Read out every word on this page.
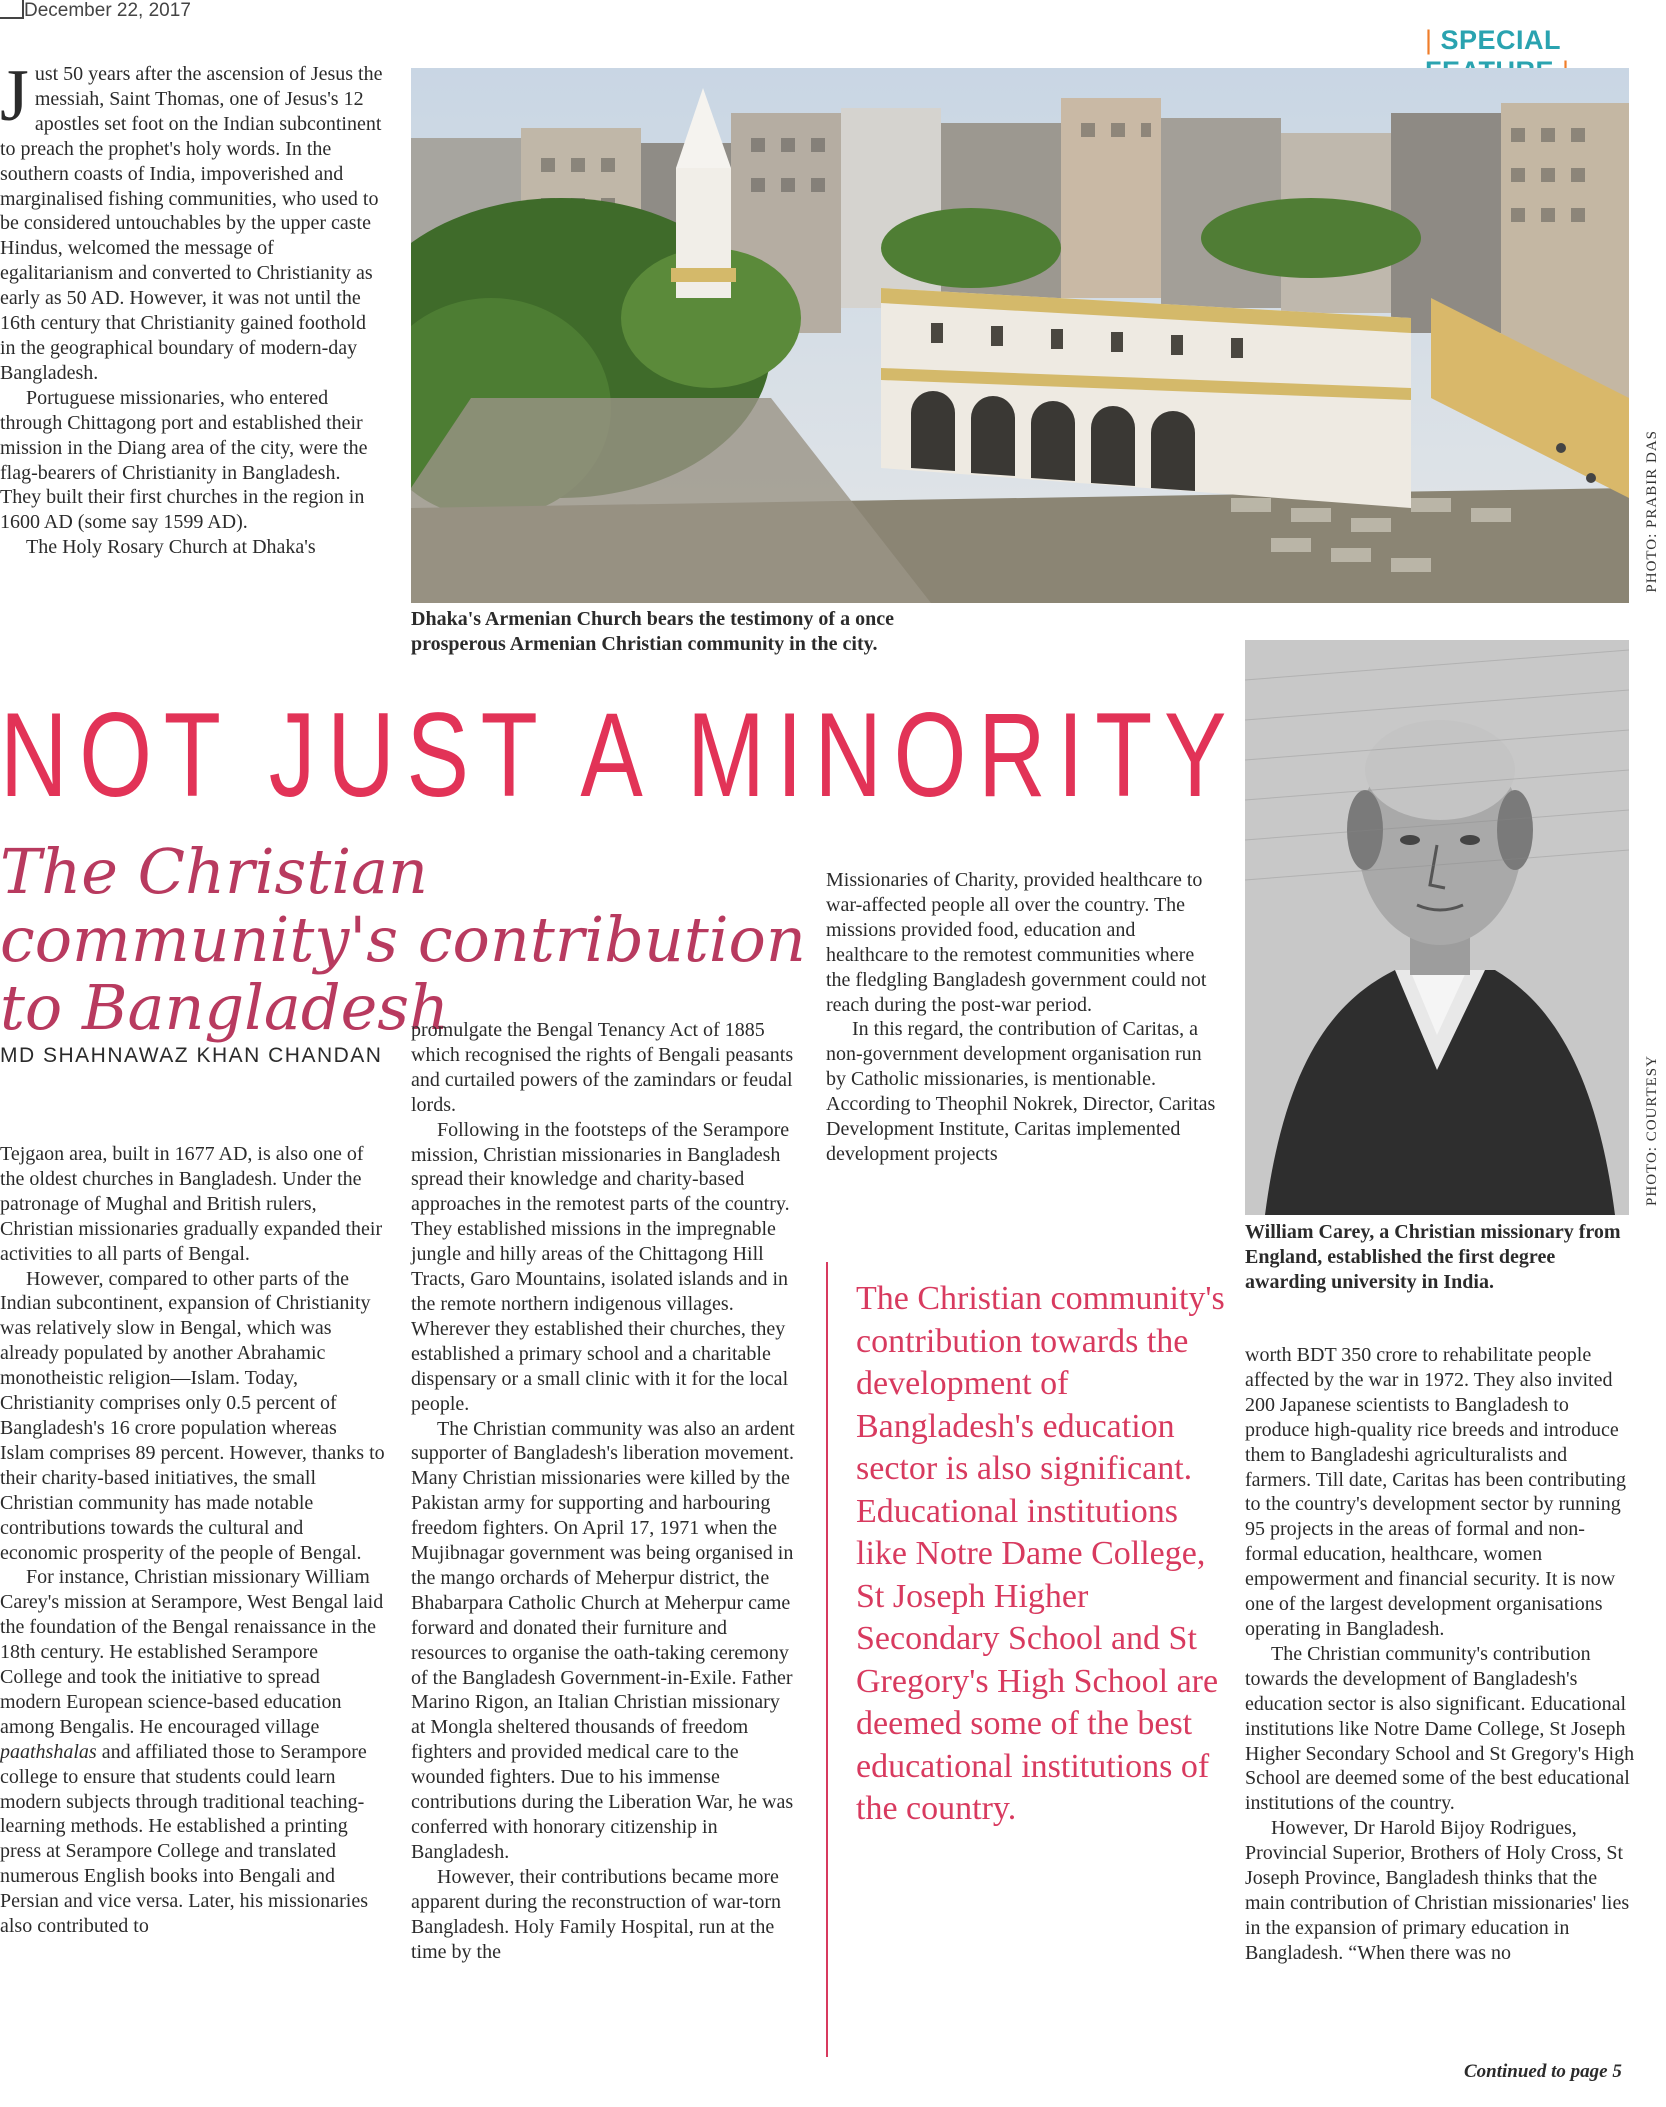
December 22, 2017
| SPECIAL

Just 50 years after the ascension of Jesus the messiah, Saint Thomas, one of Jesus's 12 apostles set foot on the Indian subcontinent to preach the prophet's holy words. In the southern coasts of India, impoverished and marginalised fishing communities, who used to be considered untouchables by the upper caste Hindus, welcomed the message of egalitarianism and converted to Christianity as early as 50 AD. However, it was not until the 16th century that Christianity gained foothold in the geographical boundary of modern-day Bangladesh.

Portuguese missionaries, who entered through Chittagong port and established their mission in the Diang area of the city, were the flag-bearers of Christianity in Bangladesh. They built their first churches in the region in 1600 AD (some say 1599 AD).

The Holy Rosary Church at Dhaka's	PHOTO: PRABIR DAS
Dhaka's Armenian Church bears the testimony of a once prosperous Armenian Christian community in the city.
PHOTO: COURTESY
William Carey, a Christian missionary from England, established the first degree awarding university in India.
NOT JUST A MINORITY
The Christian community's contribution to Bangladesh
MD SHAHNAWAZ KHAN CHANDAN

Tejgaon area, built in 1677 AD, is also one of the oldest churches in Bangladesh. Under the patronage of Mughal and British rulers, Christian missionaries gradually expanded their activities to all parts of Bengal.

However, compared to other parts of the Indian subcontinent, expansion of Christianity was relatively slow in Bengal, which was already populated by another Abrahamic monotheistic religion—Islam. Today, Christianity comprises only 0.5 percent of Bangladesh's 16 crore population whereas Islam comprises 89 percent. However, thanks to their charity-based initiatives, the small Christian community has made notable contributions towards the cultural and economic prosperity of the people of Bengal.

For instance, Christian missionary William Carey's mission at Serampore, West Bengal laid the foundation of the Bengal renaissance in the 18th century. He established Serampore College and took the initiative to spread modern European science-based education among Bengalis. He encouraged village paathshalas and affiliated those to Serampore college to ensure that students could learn modern subjects through traditional teaching-learning methods. He established a printing press at Serampore College and translated numerous English books into Bengali and Persian and vice versa. Later, his missionaries also contributed to

promulgate the Bengal Tenancy Act of 1885 which recognised the rights of Bengali peasants and curtailed powers of the zamindars or feudal lords.

Following in the footsteps of the Serampore mission, Christian missionaries in Bangladesh spread their knowledge and charity-based approaches in the remotest parts of the country. They established missions in the impregnable jungle and hilly areas of the Chittagong Hill Tracts, Garo Mountains, isolated islands and in the remote northern indigenous villages. Wherever they established their churches, they established a primary school and a charitable dispensary or a small clinic with it for the local people.

The Christian community was also an ardent supporter of Bangladesh's liberation movement. Many Christian missionaries were killed by the Pakistan army for supporting and harbouring freedom fighters. On April 17, 1971 when the Mujibnagar government was being organised in the mango orchards of Meherpur district, the Bhabarpara Catholic Church at Meherpur came forward and donated their furniture and resources to organise the oath-taking ceremony of the Bangladesh Government-in-Exile. Father Marino Rigon, an Italian Christian missionary at Mongla sheltered thousands of freedom fighters and provided medical care to the wounded fighters. Due to his immense contributions during the Liberation War, he was conferred with honorary citizenship in Bangladesh.

However, their contributions became more apparent during the reconstruction of war-torn Bangladesh. Holy Family Hospital, run at the time by the

Missionaries of Charity, provided healthcare to war-affected people all over the country. The missions provided food, education and healthcare to the remotest communities where the fledgling Bangladesh government could not reach during the post-war period.

In this regard, the contribution of Caritas, a non-government development organisation run by Catholic missionaries, is mentionable. According to Theophil Nokrek, Director, Caritas Development Institute, Caritas implemented development projects

The Christian community's contribution towards the development of Bangladesh's education sector is also significant. Educational institutions like Notre Dame College, St Joseph Higher Secondary School and St Gregory's High School are deemed some of the best educational institutions of the country.

worth BDT 350 crore to rehabilitate people affected by the war in 1972. They also invited 200 Japanese scientists to Bangladesh to produce high-quality rice breeds and introduce them to Bangladeshi agriculturalists and farmers. Till date, Caritas has been contributing to the country's development sector by running 95 projects in the areas of formal and non-formal education, healthcare, women empowerment and financial security. It is now one of the largest development organisations operating in Bangladesh.

The Christian community's contribution towards the development of Bangladesh's education sector is also significant. Educational institutions like Notre Dame College, St Joseph Higher Secondary School and St Gregory's High School are deemed some of the best educational institutions of the country.

However, Dr Harold Bijoy Rodrigues, Provincial Superior, Brothers of Holy Cross, St Joseph Province, Bangladesh thinks that the main contribution of Christian missionaries' lies in the expansion of primary education in Bangladesh. “When there was no

Continued to page 5
